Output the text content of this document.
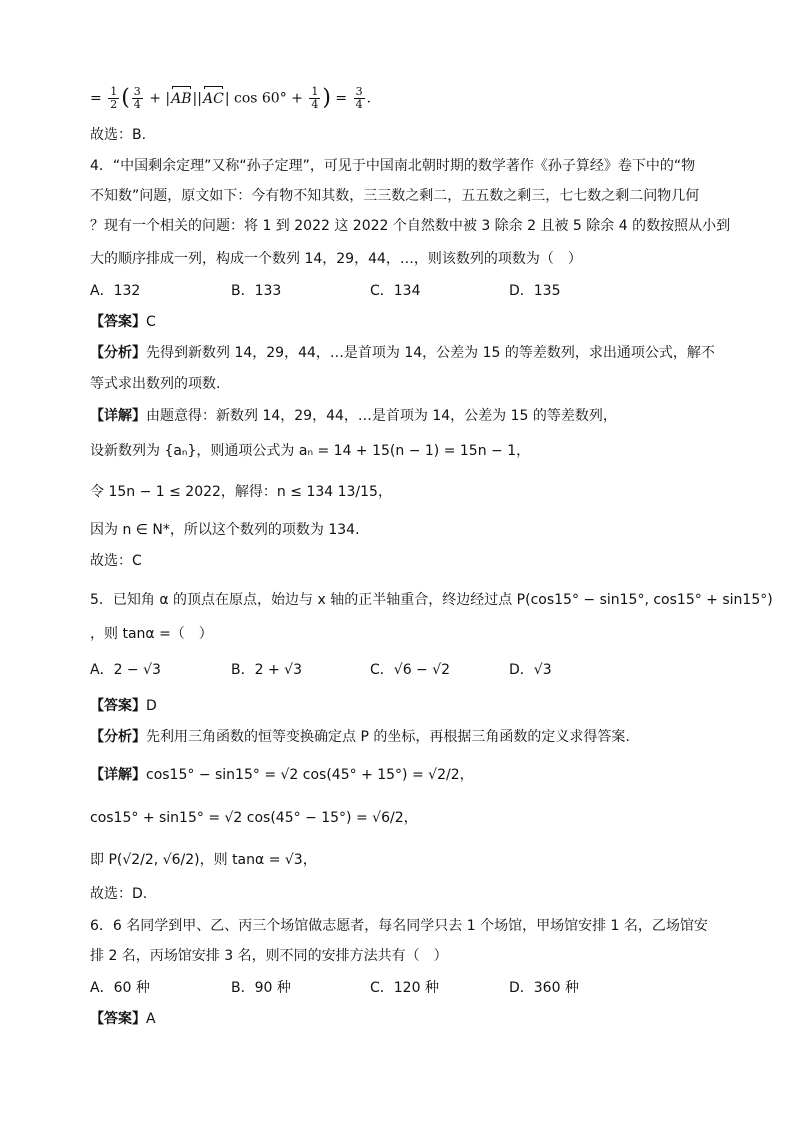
= $\frac{1}{2}$ ( $\frac{3}{4} + |AB||AC|$ $\cos 60^\circ + \frac{1}{4}$ ) = $\frac{3}{4}$ .
故选：B.
4．“中国剩余定理”又称“孙子定理”，可见于中国南北朝时期的数学著作《孙子算经》卷下中的“物
不知数”问题，原文如下：今有物不知其数，三三数之剩二，五五数之剩三，七七数之剩二问物几何
？现有一个相关的问题：将 1 到 2022 这 2022 个自然数中被 3 除余 2 且被 5 除余 4 的数按照从小到
大的顺序排成一列，构成一个数列 14，29，44，…，则该数列的项数为（　）
A．132	B．133	C．134	D．135
【答案】C
【分析】先得到新数列 14，29，44，…是首项为 14，公差为 15 的等差数列，求出通项公式，解不
等式求出数列的项数.
【详解】由题意得：新数列 14，29，44，…是首项为 14，公差为 15 的等差数列，
设新数列为 {aₙ}，则通项公式为 aₙ = 14 + 15(n − 1) = 15n − 1，
令 15n − 1 ≤ 2022，解得：n ≤ 134 13/15，
因为 n ∈ N*，所以这个数列的项数为 134.
故选：C
5．已知角 α 的顶点在原点，始边与 x 轴的正半轴重合，终边经过点 P(cos15° − sin15°, cos15° + sin15°)
，则 tanα =（　）
A．2 − √3	B．2 + √3	C．√6 − √2	D．√3
【答案】D
【分析】先利用三角函数的恒等变换确定点 P 的坐标，再根据三角函数的定义求得答案.
【详解】cos15° − sin15° = √2 cos(45° + 15°) = √2/2，
cos15° + sin15° = √2 cos(45° − 15°) = √6/2，
即 P(√2/2, √6/2)，则 tanα = √3，
故选：D.
6．6 名同学到甲、乙、丙三个场馆做志愿者，每名同学只去 1 个场馆，甲场馆安排 1 名，乙场馆安
排 2 名，丙场馆安排 3 名，则不同的安排方法共有（　）
A．60 种	B．90 种	C．120 种	D．360 种
【答案】A
